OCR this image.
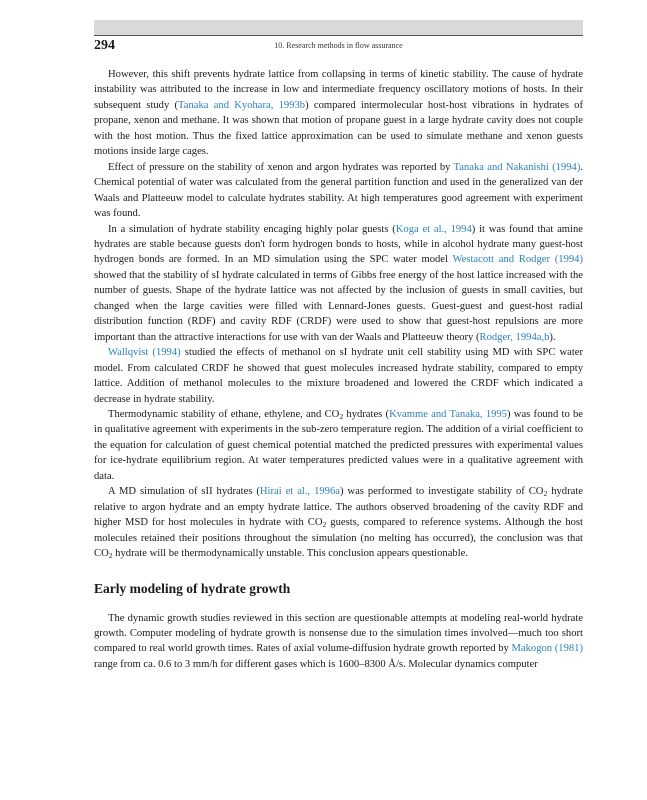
294	10. Research methods in flow assurance

However, this shift prevents hydrate lattice from collapsing in terms of kinetic stability. The cause of hydrate instability was attributed to the increase in low and intermediate frequency oscillatory motions of hosts. In their subsequent study (Tanaka and Kyohara, 1993b) compared intermolecular host-host vibrations in hydrates of propane, xenon and methane. It was shown that motion of propane guest in a large hydrate cavity does not couple with the host motion. Thus the fixed lattice approximation can be used to simulate methane and xenon guests motions inside large cages.

Effect of pressure on the stability of xenon and argon hydrates was reported by Tanaka and Nakanishi (1994). Chemical potential of water was calculated from the general partition function and used in the generalized van der Waals and Platteeuw model to calculate hydrates stability. At high temperatures good agreement with experiment was found.

In a simulation of hydrate stability encaging highly polar guests (Koga et al., 1994) it was found that amine hydrates are stable because guests don't form hydrogen bonds to hosts, while in alcohol hydrate many guest-host hydrogen bonds are formed. In an MD simulation using the SPC water model Westacott and Rodger (1994) showed that the stability of sI hydrate calculated in terms of Gibbs free energy of the host lattice increased with the number of guests. Shape of the hydrate lattice was not affected by the inclusion of guests in small cavities, but changed when the large cavities were filled with Lennard-Jones guests. Guest-guest and guest-host radial distribution function (RDF) and cavity RDF (CRDF) were used to show that guest-host repulsions are more important than the attractive interactions for use with van der Waals and Platteeuw theory (Rodger, 1994a,b).

Wallqvist (1994) studied the effects of methanol on sI hydrate unit cell stability using MD with SPC water model. From calculated CRDF he showed that guest molecules increased hydrate stability, compared to empty lattice. Addition of methanol molecules to the mixture broadened and lowered the CRDF which indicated a decrease in hydrate stability.

Thermodynamic stability of ethane, ethylene, and $CO_2$ hydrates (Kvamme and Tanaka, 1995) was found to be in qualitative agreement with experiments in the sub-zero temperature region. The addition of a virial coefficient to the equation for calculation of guest chemical potential matched the predicted pressures with experimental values for ice-hydrate equilibrium region. At water temperatures predicted values were in a qualitative agreement with data.

A MD simulation of sII hydrates (Hirai et al., 1996a) was performed to investigate stability of $CO_2$ hydrate relative to argon hydrate and an empty hydrate lattice. The authors observed broadening of the cavity RDF and higher MSD for host molecules in hydrate with $CO_2$ guests, compared to reference systems. Although the host molecules retained their positions throughout the simulation (no melting has occurred), the conclusion was that $CO_2$ hydrate will be thermodynamically unstable. This conclusion appears questionable.

Early modeling of hydrate growth

The dynamic growth studies reviewed in this section are questionable attempts at modeling real-world hydrate growth. Computer modeling of hydrate growth is nonsense due to the simulation times involved—much too short compared to real world growth times. Rates of axial volume-diffusion hydrate growth reported by Makogon (1981) range from ca. 0.6 to 3 mm/h for different gases which is 1600–8300 Å/s. Molecular dynamics computer
